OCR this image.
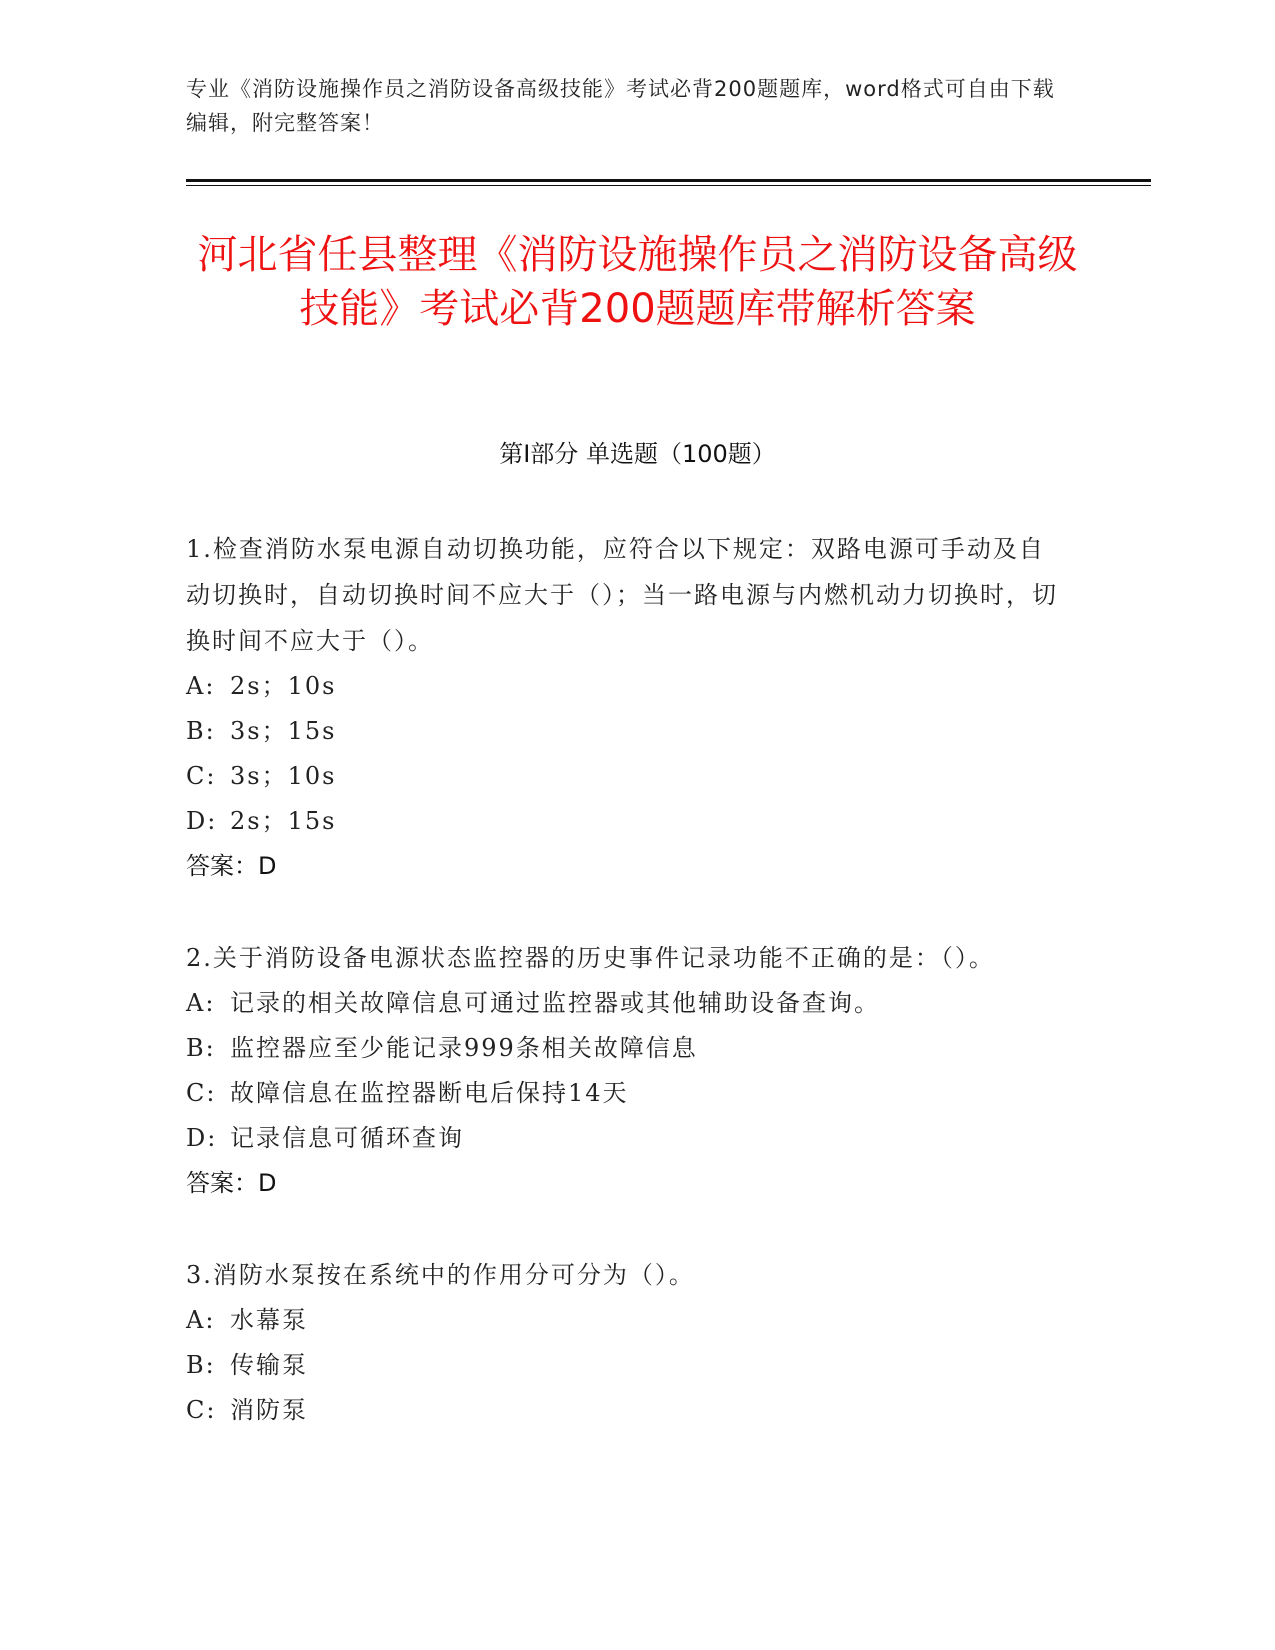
专业《消防设施操作员之消防设备高级技能》考试必背200题题库，word格式可自由下载编辑，附完整答案！
河北省任县整理《消防设施操作员之消防设备高级技能》考试必背200题题库带解析答案
第I部分 单选题（100题）

1.检查消防水泵电源自动切换功能，应符合以下规定：双路电源可手动及自动切换时，自动切换时间不应大于（）；当一路电源与内燃机动力切换时，切换时间不应大于（）。

A: 2s；10s

B: 3s；15s

C: 3s；10s

D: 2s；15s

答案：D

2.关于消防设备电源状态监控器的历史事件记录功能不正确的是：（）。

A: 记录的相关故障信息可通过监控器或其他辅助设备查询。

B: 监控器应至少能记录999条相关故障信息

C: 故障信息在监控器断电后保持14天

D: 记录信息可循环查询

答案：D

3.消防水泵按在系统中的作用分可分为（）。

A: 水幕泵

B: 传输泵

C: 消防泵
